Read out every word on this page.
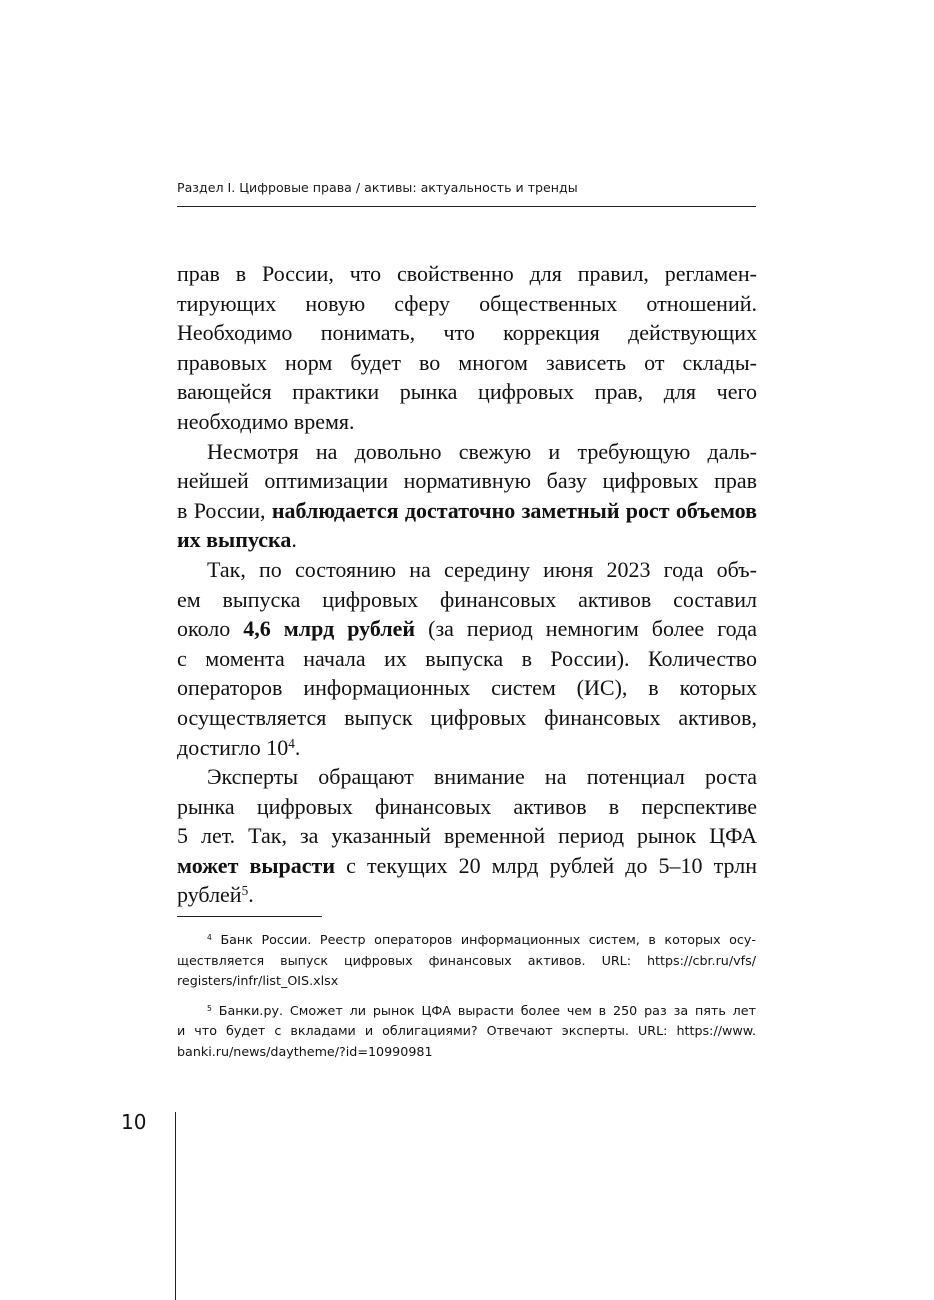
Раздел I. Цифровые права / активы: актуальность и тренды
прав в России, что свойственно для правил, регламен-
тирующих новую сферу общественных отношений.
Необходимо понимать, что коррекция действующих
правовых норм будет во многом зависеть от склады-
вающейся практики рынка цифровых прав, для чего
необходимо время.
Несмотря на довольно свежую и требующую даль-
нейшей оптимизации нормативную базу цифровых прав
в России, наблюдается достаточно заметный рост объемов
их выпуска.
Так, по состоянию на середину июня 2023 года объ-
ем выпуска цифровых финансовых активов составил
около 4,6 млрд рублей (за период немногим более года
с момента начала их выпуска в России). Количество
операторов информационных систем (ИС), в которых
осуществляется выпуск цифровых финансовых активов,
достигло $10^4$.
Эксперты обращают внимание на потенциал роста
рынка цифровых финансовых активов в перспективе
5 лет. Так, за указанный временной период рынок ЦФА
может вырасти с текущих 20 млрд рублей до 5–10 трлн
рублей$^5$.
$^4$ Банк России. Реестр операторов информационных систем, в которых осу-
ществляется выпуск цифровых финансовых активов. URL: https://cbr.ru/vfs/
registers/infr/list_OIS.xlsx
$^5$ Банки.ру. Сможет ли рынок ЦФА вырасти более чем в 250 раз за пять лет
и что будет с вкладами и облигациями? Отвечают эксперты. URL: https://www.
banki.ru/news/daytheme/?id=10990981
10
